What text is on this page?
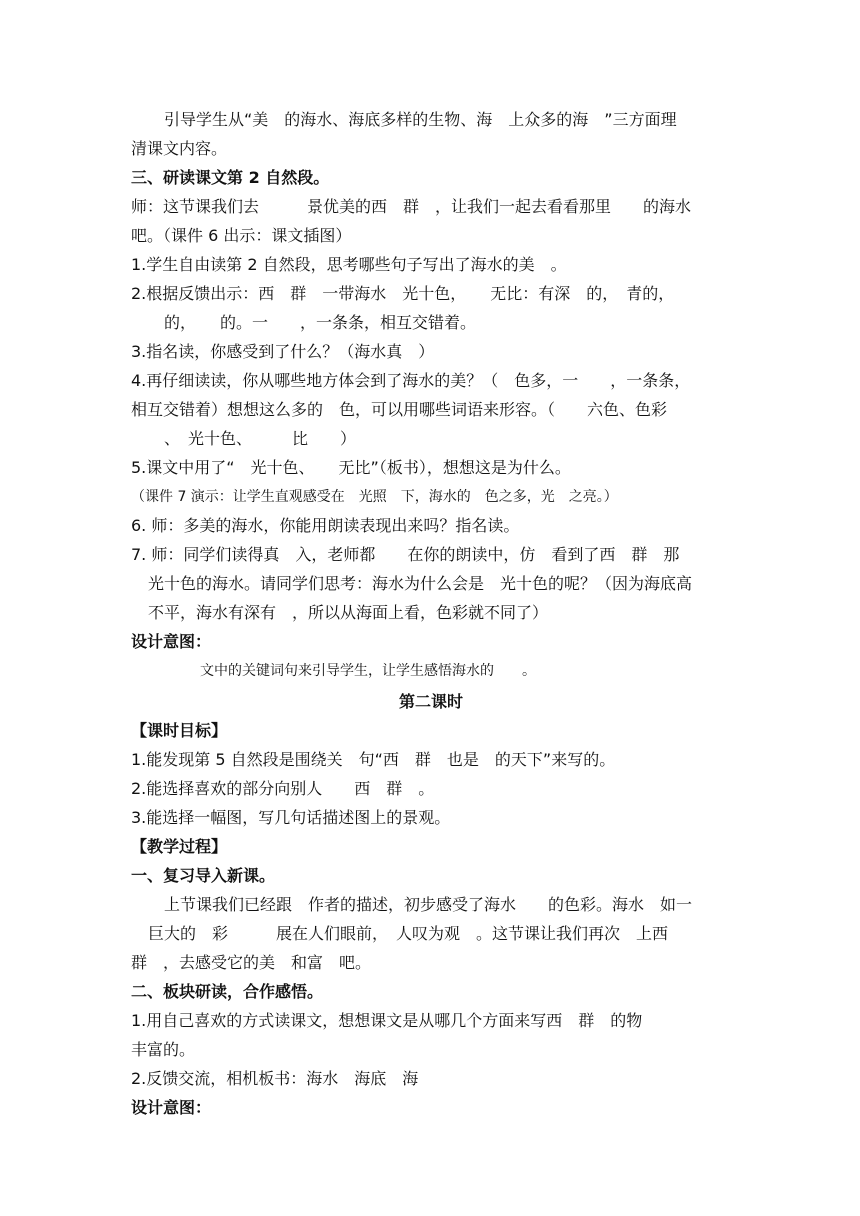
引导学生从“美　的海水、海底多样的生物、海　上众多的海　”三方面理
清课文内容。
三、研读课文第 2 自然段。
师：这节课我们去　　　景优美的西　群　，让我们一起去看看那里　　的海水
吧。（课件 6 出示：课文插图）
1.学生自由读第 2 自然段，思考哪些句子写出了海水的美　。
2.根据反馈出示：西　群　一带海水　光十色，　　无比：有深　的，　青的，
　的，　　的。一　　，一条条，相互交错着。
3.指名读，你感受到了什么？（海水真　）
4.再仔细读读，你从哪些地方体会到了海水的美？（　色多，一　　，一条条，
相互交错着）想想这么多的　色，可以用哪些词语来形容。（　　六色、色彩
　、　光十色、　　　比　　）
5.课文中用了“　光十色、　　无比”（板书），想想这是为什么。
（课件 7 演示：让学生直观感受在　光照　下，海水的　色之多，光　之亮。）
6. 师：多美的海水，你能用朗读表现出来吗？指名读。
7. 师：同学们读得真　入，老师都　　在你的朗读中，仿　看到了西　群　那
光十色的海水。请同学们思考：海水为什么会是　光十色的呢？（因为海底高
不平，海水有深有　，所以从海面上看，色彩就不同了）
设计意图：
文中的关键词句来引导学生，让学生感悟海水的　　。
第二课时
【课时目标】
1.能发现第 5 自然段是围绕关　句“西　群　也是　的天下”来写的。
2.能选择喜欢的部分向别人　　西　群　。
3.能选择一幅图，写几句话描述图上的景观。
【教学过程】
一、复习导入新课。
上节课我们已经跟　作者的描述，初步感受了海水　　的色彩。海水　如一
巨大的　彩　　　展在人们眼前，　人叹为观　。这节课让我们再次　上西
群　，去感受它的美　和富　吧。
二、板块研读，合作感悟。
1.用自己喜欢的方式读课文，想想课文是从哪几个方面来写西　群　的物
丰富的。
2.反馈交流，相机板书：海水　海底　海
设计意图：
